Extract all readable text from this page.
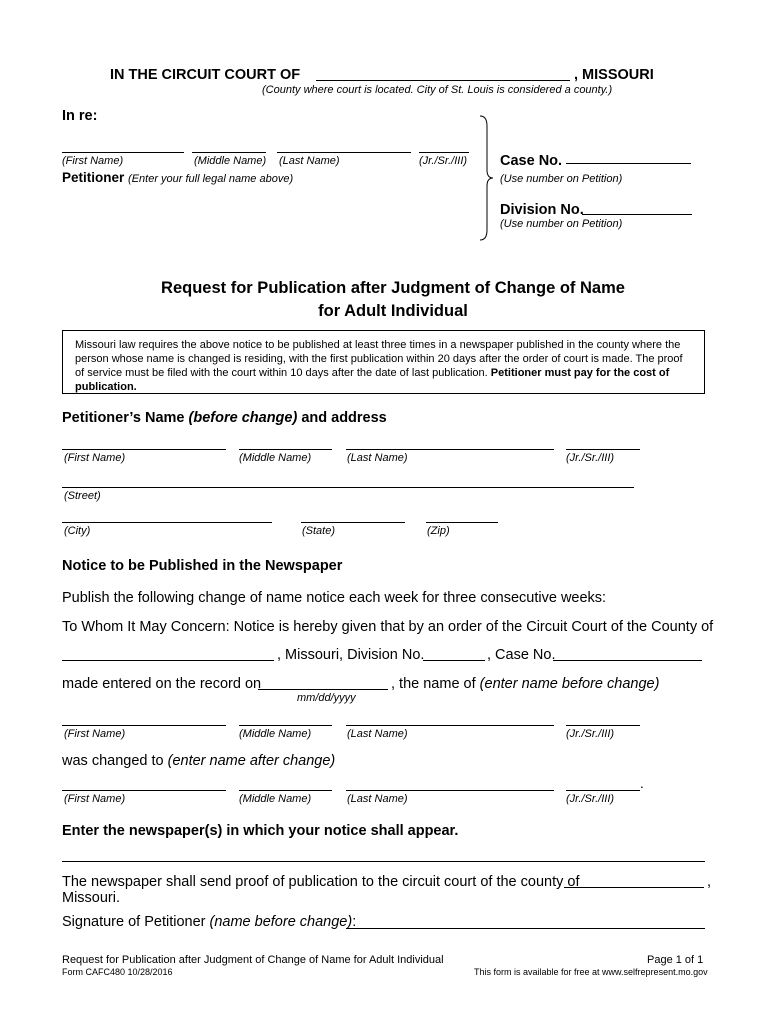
IN THE CIRCUIT COURT OF	, MISSOURI
(County where court is located. City of St. Louis is considered a county.)
In re:
(First Name)	(Middle Name) (Last Name)	(Jr./Sr./III)
Petitioner (Enter your full legal name above)
Case No.
(Use number on Petition)
Division No.
(Use number on Petition)
Request for Publication after Judgment of Change of Name
for Adult Individual
Missouri law requires the above notice to be published at least three times in a newspaper published in the county where the person whose name is changed is residing, with the first publication within 20 days after the order of court is made. The proof of service must be filed with the court within 10 days after the date of last publication. Petitioner must pay for the cost of publication.
Petitioner’s Name (before change) and address
(First Name)	(Middle Name)	(Last Name)	(Jr./Sr./III)
(Street)
(City)	(State)	(Zip)
Notice to be Published in the Newspaper
Publish the following change of name notice each week for three consecutive weeks:
To Whom It May Concern: Notice is hereby given that by an order of the Circuit Court of the County of
, Missouri, Division No.	, Case No.
made entered on the record on	, the name of (enter name before change)
mm/dd/yyyy
(First Name)	(Middle Name)	(Last Name)	(Jr./Sr./III)
was changed to (enter name after change)
.
(First Name)	(Middle Name)	(Last Name)	(Jr./Sr./III)
Enter the newspaper(s) in which your notice shall appear.
The newspaper shall send proof of publication to the circuit court of the county of	,
Missouri.
Signature of Petitioner (name before change):
Request for Publication after Judgment of Change of Name for Adult Individual
Form CAFC480 10/28/2016
Page 1 of 1
This form is available for free at www.selfrepresent.mo.gov
